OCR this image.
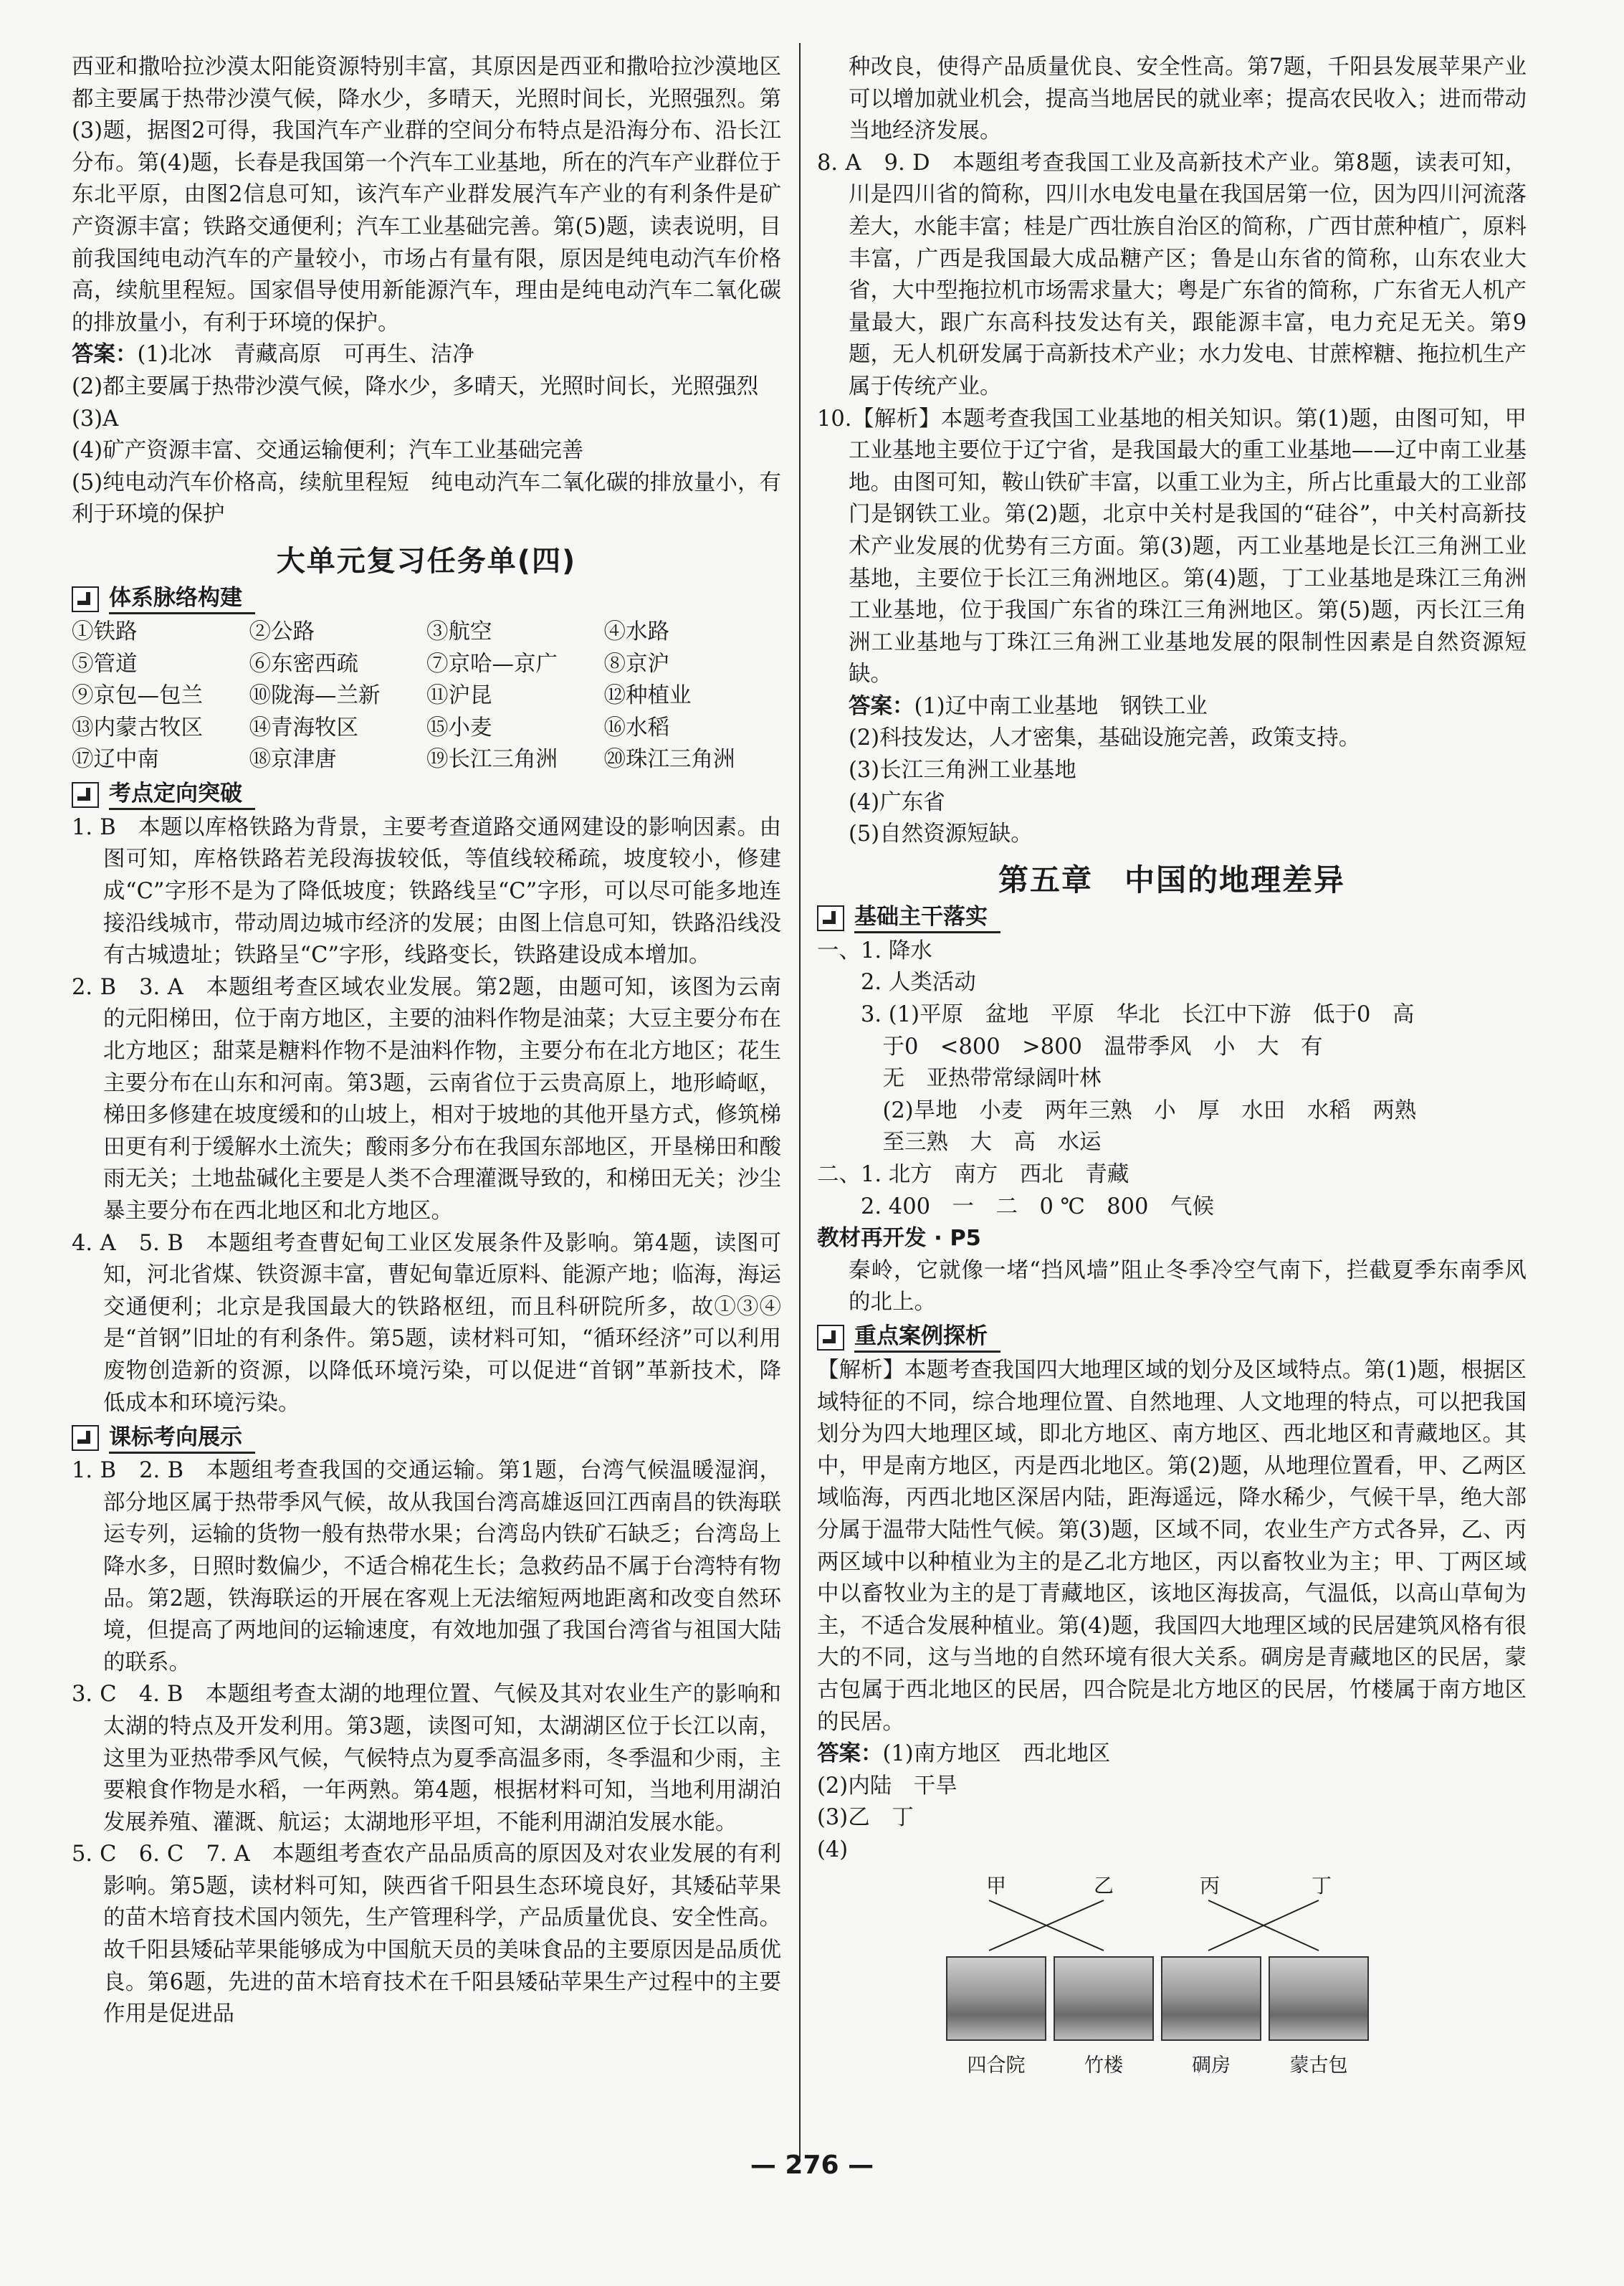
西亚和撒哈拉沙漠太阳能资源特别丰富，其原因是西亚和撒哈拉沙漠地区都主要属于热带沙漠气候，降水少，多晴天，光照时间长，光照强烈。第(3)题，据图2可得，我国汽车产业群的空间分布特点是沿海分布、沿长江分布。第(4)题，长春是我国第一个汽车工业基地，所在的汽车产业群位于东北平原，由图2信息可知，该汽车产业群发展汽车产业的有利条件是矿产资源丰富；铁路交通便利；汽车工业基础完善。第(5)题，读表说明，目前我国纯电动汽车的产量较小，市场占有量有限，原因是纯电动汽车价格高，续航里程短。国家倡导使用新能源汽车，理由是纯电动汽车二氧化碳的排放量小，有利于环境的保护。

答案：(1)北冰　青藏高原　可再生、洁净

(2)都主要属于热带沙漠气候，降水少，多晴天，光照时间长，光照强烈

(3)A

(4)矿产资源丰富、交通运输便利；汽车工业基础完善

(5)纯电动汽车价格高，续航里程短　纯电动汽车二氧化碳的排放量小，有利于环境的保护

大单元复习任务单(四)
体系脉络构建
①铁路	②公路	③航空	④水路
⑤管道	⑥东密西疏	⑦京哈—京广	⑧京沪
⑨京包—包兰	⑩陇海—兰新	⑪沪昆	⑫种植业
⑬内蒙古牧区	⑭青海牧区	⑮小麦	⑯水稻
⑰辽中南	⑱京津唐	⑲长江三角洲	⑳珠江三角洲
考点定向突破

1. B　本题以库格铁路为背景，主要考查道路交通网建设的影响因素。由图可知，库格铁路若羌段海拔较低，等值线较稀疏，坡度较小，修建成“C”字形不是为了降低坡度；铁路线呈“C”字形，可以尽可能多地连接沿线城市，带动周边城市经济的发展；由图上信息可知，铁路沿线没有古城遗址；铁路呈“C”字形，线路变长，铁路建设成本增加。

2. B　3. A　本题组考查区域农业发展。第2题，由题可知，该图为云南的元阳梯田，位于南方地区，主要的油料作物是油菜；大豆主要分布在北方地区；甜菜是糖料作物不是油料作物，主要分布在北方地区；花生主要分布在山东和河南。第3题，云南省位于云贵高原上，地形崎岖，梯田多修建在坡度缓和的山坡上，相对于坡地的其他开垦方式，修筑梯田更有利于缓解水土流失；酸雨多分布在我国东部地区，开垦梯田和酸雨无关；土地盐碱化主要是人类不合理灌溉导致的，和梯田无关；沙尘暴主要分布在西北地区和北方地区。

4. A　5. B　本题组考查曹妃甸工业区发展条件及影响。第4题，读图可知，河北省煤、铁资源丰富，曹妃甸靠近原料、能源产地；临海，海运交通便利；北京是我国最大的铁路枢纽，而且科研院所多，故①③④是“首钢”旧址的有利条件。第5题，读材料可知，“循环经济”可以利用废物创造新的资源，以降低环境污染，可以促进“首钢”革新技术，降低成本和环境污染。

课标考向展示

1. B　2. B　本题组考查我国的交通运输。第1题，台湾气候温暖湿润，部分地区属于热带季风气候，故从我国台湾高雄返回江西南昌的铁海联运专列，运输的货物一般有热带水果；台湾岛内铁矿石缺乏；台湾岛上降水多，日照时数偏少，不适合棉花生长；急救药品不属于台湾特有物品。第2题，铁海联运的开展在客观上无法缩短两地距离和改变自然环境，但提高了两地间的运输速度，有效地加强了我国台湾省与祖国大陆的联系。

3. C　4. B　本题组考查太湖的地理位置、气候及其对农业生产的影响和太湖的特点及开发利用。第3题，读图可知，太湖湖区位于长江以南，这里为亚热带季风气候，气候特点为夏季高温多雨，冬季温和少雨，主要粮食作物是水稻，一年两熟。第4题，根据材料可知，当地利用湖泊发展养殖、灌溉、航运；太湖地形平坦，不能利用湖泊发展水能。

5. C　6. C　7. A　本题组考查农产品品质高的原因及对农业发展的有利影响。第5题，读材料可知，陕西省千阳县生态环境良好，其矮砧苹果的苗木培育技术国内领先，生产管理科学，产品质量优良、安全性高。故千阳县矮砧苹果能够成为中国航天员的美味食品的主要原因是品质优良。第6题，先进的苗木培育技术在千阳县矮砧苹果生产过程中的主要作用是促进品

种改良，使得产品质量优良、安全性高。第7题，千阳县发展苹果产业可以增加就业机会，提高当地居民的就业率；提高农民收入；进而带动当地经济发展。

8. A　9. D　本题组考查我国工业及高新技术产业。第8题，读表可知，川是四川省的简称，四川水电发电量在我国居第一位，因为四川河流落差大，水能丰富；桂是广西壮族自治区的简称，广西甘蔗种植广，原料丰富，广西是我国最大成品糖产区；鲁是山东省的简称，山东农业大省，大中型拖拉机市场需求量大；粤是广东省的简称，广东省无人机产量最大，跟广东高科技发达有关，跟能源丰富，电力充足无关。第9题，无人机研发属于高新技术产业；水力发电、甘蔗榨糖、拖拉机生产属于传统产业。

10.【解析】本题考查我国工业基地的相关知识。第(1)题，由图可知，甲工业基地主要位于辽宁省，是我国最大的重工业基地——辽中南工业基地。由图可知，鞍山铁矿丰富，以重工业为主，所占比重最大的工业部门是钢铁工业。第(2)题，北京中关村是我国的“硅谷”，中关村高新技术产业发展的优势有三方面。第(3)题，丙工业基地是长江三角洲工业基地，主要位于长江三角洲地区。第(4)题，丁工业基地是珠江三角洲工业基地，位于我国广东省的珠江三角洲地区。第(5)题，丙长江三角洲工业基地与丁珠江三角洲工业基地发展的限制性因素是自然资源短缺。

答案：(1)辽中南工业基地　钢铁工业

(2)科技发达，人才密集，基础设施完善，政策支持。

(3)长江三角洲工业基地

(4)广东省

(5)自然资源短缺。

第五章　中国的地理差异
基础主干落实

一、1. 降水

　　2. 人类活动

　　3. (1)平原　盆地　平原　华北　长江中下游　低于0　高

　　　于0　<800　>800　温带季风　小　大　有

　　　无　亚热带常绿阔叶林

　　　(2)旱地　小麦　两年三熟　小　厚　水田　水稻　两熟

　　　至三熟　大　高　水运

二、1. 北方　南方　西北　青藏

　　2. 400　一　二　0 ℃　800　气候

教材再开发 · P5

秦岭，它就像一堵“挡风墙”阻止冬季冷空气南下，拦截夏季东南季风的北上。

重点案例探析

【解析】本题考查我国四大地理区域的划分及区域特点。第(1)题，根据区域特征的不同，综合地理位置、自然地理、人文地理的特点，可以把我国划分为四大地理区域，即北方地区、南方地区、西北地区和青藏地区。其中，甲是南方地区，丙是西北地区。第(2)题，从地理位置看，甲、乙两区域临海，丙西北地区深居内陆，距海遥远，降水稀少，气候干旱，绝大部分属于温带大陆性气候。第(3)题，区域不同，农业生产方式各异，乙、丙两区域中以种植业为主的是乙北方地区，丙以畜牧业为主；甲、丁两区域中以畜牧业为主的是丁青藏地区，该地区海拔高，气温低，以高山草甸为主，不适合发展种植业。第(4)题，我国四大地理区域的民居建筑风格有很大的不同，这与当地的自然环境有很大关系。碉房是青藏地区的民居，蒙古包属于西北地区的民居，四合院是北方地区的民居，竹楼属于南方地区的民居。

答案：(1)南方地区　西北地区

(2)内陆　干旱

(3)乙　丁

(4)

甲	乙	丙	丁
四合院	竹楼	碉房	蒙古包
— 276 —
